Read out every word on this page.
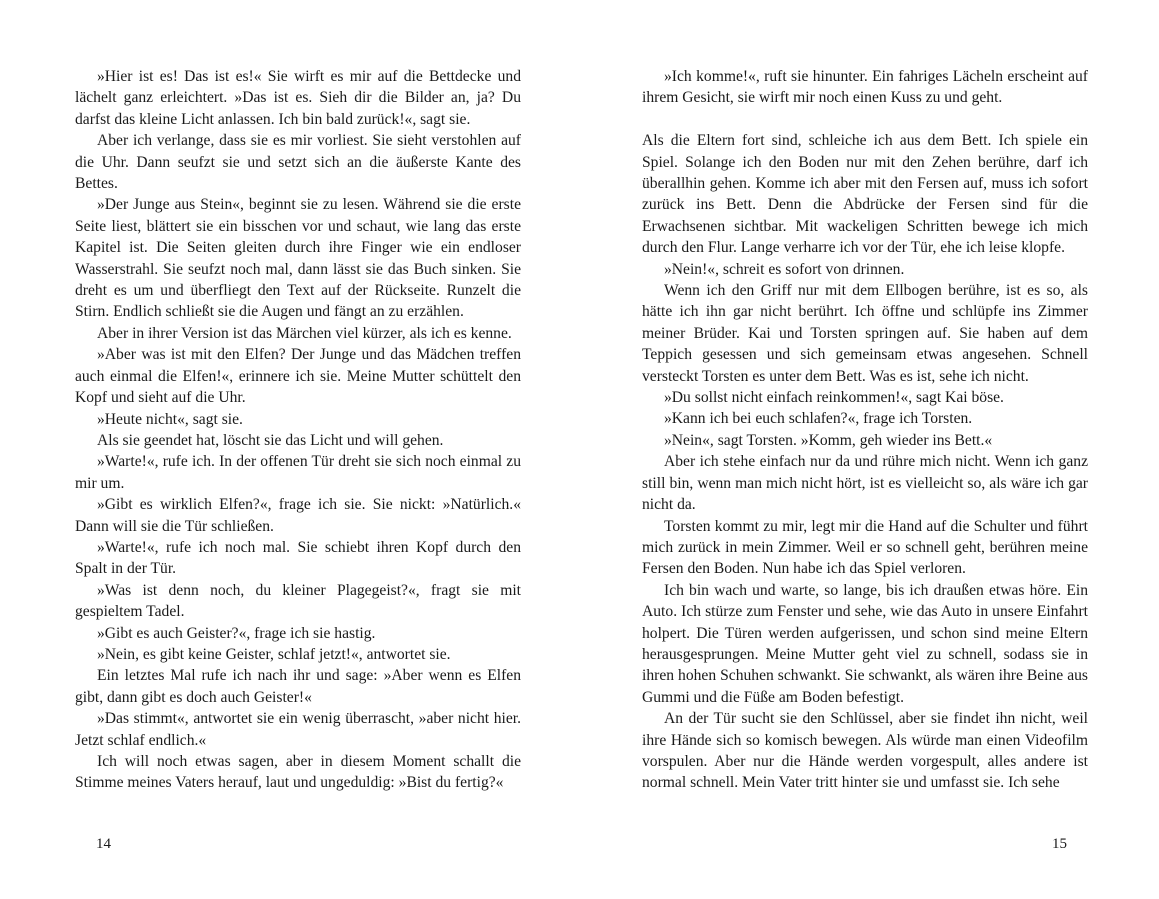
»Hier ist es! Das ist es!« Sie wirft es mir auf die Bettdecke und lächelt ganz erleichtert. »Das ist es. Sieh dir die Bilder an, ja? Du darfst das kleine Licht anlassen. Ich bin bald zurück!«, sagt sie.

Aber ich verlange, dass sie es mir vorliest. Sie sieht verstohlen auf die Uhr. Dann seufzt sie und setzt sich an die äußerste Kante des Bettes.

»Der Junge aus Stein«, beginnt sie zu lesen. Während sie die erste Seite liest, blättert sie ein bisschen vor und schaut, wie lang das erste Kapitel ist. Die Seiten gleiten durch ihre Finger wie ein endloser Wasserstrahl. Sie seufzt noch mal, dann lässt sie das Buch sinken. Sie dreht es um und überfliegt den Text auf der Rückseite. Runzelt die Stirn. Endlich schließt sie die Augen und fängt an zu erzählen.

Aber in ihrer Version ist das Märchen viel kürzer, als ich es kenne.

»Aber was ist mit den Elfen? Der Junge und das Mädchen treffen auch einmal die Elfen!«, erinnere ich sie. Meine Mutter schüttelt den Kopf und sieht auf die Uhr.

»Heute nicht«, sagt sie.

Als sie geendet hat, löscht sie das Licht und will gehen.

»Warte!«, rufe ich. In der offenen Tür dreht sie sich noch einmal zu mir um.

»Gibt es wirklich Elfen?«, frage ich sie. Sie nickt: »Natürlich.« Dann will sie die Tür schließen.

»Warte!«, rufe ich noch mal. Sie schiebt ihren Kopf durch den Spalt in der Tür.

»Was ist denn noch, du kleiner Plagegeist?«, fragt sie mit gespieltem Tadel.

»Gibt es auch Geister?«, frage ich sie hastig.

»Nein, es gibt keine Geister, schlaf jetzt!«, antwortet sie.

Ein letztes Mal rufe ich nach ihr und sage: »Aber wenn es Elfen gibt, dann gibt es doch auch Geister!«

»Das stimmt«, antwortet sie ein wenig überrascht, »aber nicht hier. Jetzt schlaf endlich.«

Ich will noch etwas sagen, aber in diesem Moment schallt die Stimme meines Vaters herauf, laut und ungeduldig: »Bist du fertig?«

»Ich komme!«, ruft sie hinunter. Ein fahriges Lächeln erscheint auf ihrem Gesicht, sie wirft mir noch einen Kuss zu und geht.

Als die Eltern fort sind, schleiche ich aus dem Bett. Ich spiele ein Spiel. Solange ich den Boden nur mit den Zehen berühre, darf ich überallhin gehen. Komme ich aber mit den Fersen auf, muss ich sofort zurück ins Bett. Denn die Abdrücke der Fersen sind für die Erwachsenen sichtbar. Mit wackeligen Schritten bewege ich mich durch den Flur. Lange verharre ich vor der Tür, ehe ich leise klopfe.

»Nein!«, schreit es sofort von drinnen.

Wenn ich den Griff nur mit dem Ellbogen berühre, ist es so, als hätte ich ihn gar nicht berührt. Ich öffne und schlüpfe ins Zimmer meiner Brüder. Kai und Torsten springen auf. Sie haben auf dem Teppich gesessen und sich gemeinsam etwas angesehen. Schnell versteckt Torsten es unter dem Bett. Was es ist, sehe ich nicht.

»Du sollst nicht einfach reinkommen!«, sagt Kai böse.

»Kann ich bei euch schlafen?«, frage ich Torsten.

»Nein«, sagt Torsten. »Komm, geh wieder ins Bett.«

Aber ich stehe einfach nur da und rühre mich nicht. Wenn ich ganz still bin, wenn man mich nicht hört, ist es vielleicht so, als wäre ich gar nicht da.

Torsten kommt zu mir, legt mir die Hand auf die Schulter und führt mich zurück in mein Zimmer. Weil er so schnell geht, berühren meine Fersen den Boden. Nun habe ich das Spiel verloren.

Ich bin wach und warte, so lange, bis ich draußen etwas höre. Ein Auto. Ich stürze zum Fenster und sehe, wie das Auto in unsere Einfahrt holpert. Die Türen werden aufgerissen, und schon sind meine Eltern herausgesprungen. Meine Mutter geht viel zu schnell, sodass sie in ihren hohen Schuhen schwankt. Sie schwankt, als wären ihre Beine aus Gummi und die Füße am Boden befestigt.

An der Tür sucht sie den Schlüssel, aber sie findet ihn nicht, weil ihre Hände sich so komisch bewegen. Als würde man einen Videofilm vorspulen. Aber nur die Hände werden vorgespult, alles andere ist normal schnell. Mein Vater tritt hinter sie und umfasst sie. Ich sehe

14	15
